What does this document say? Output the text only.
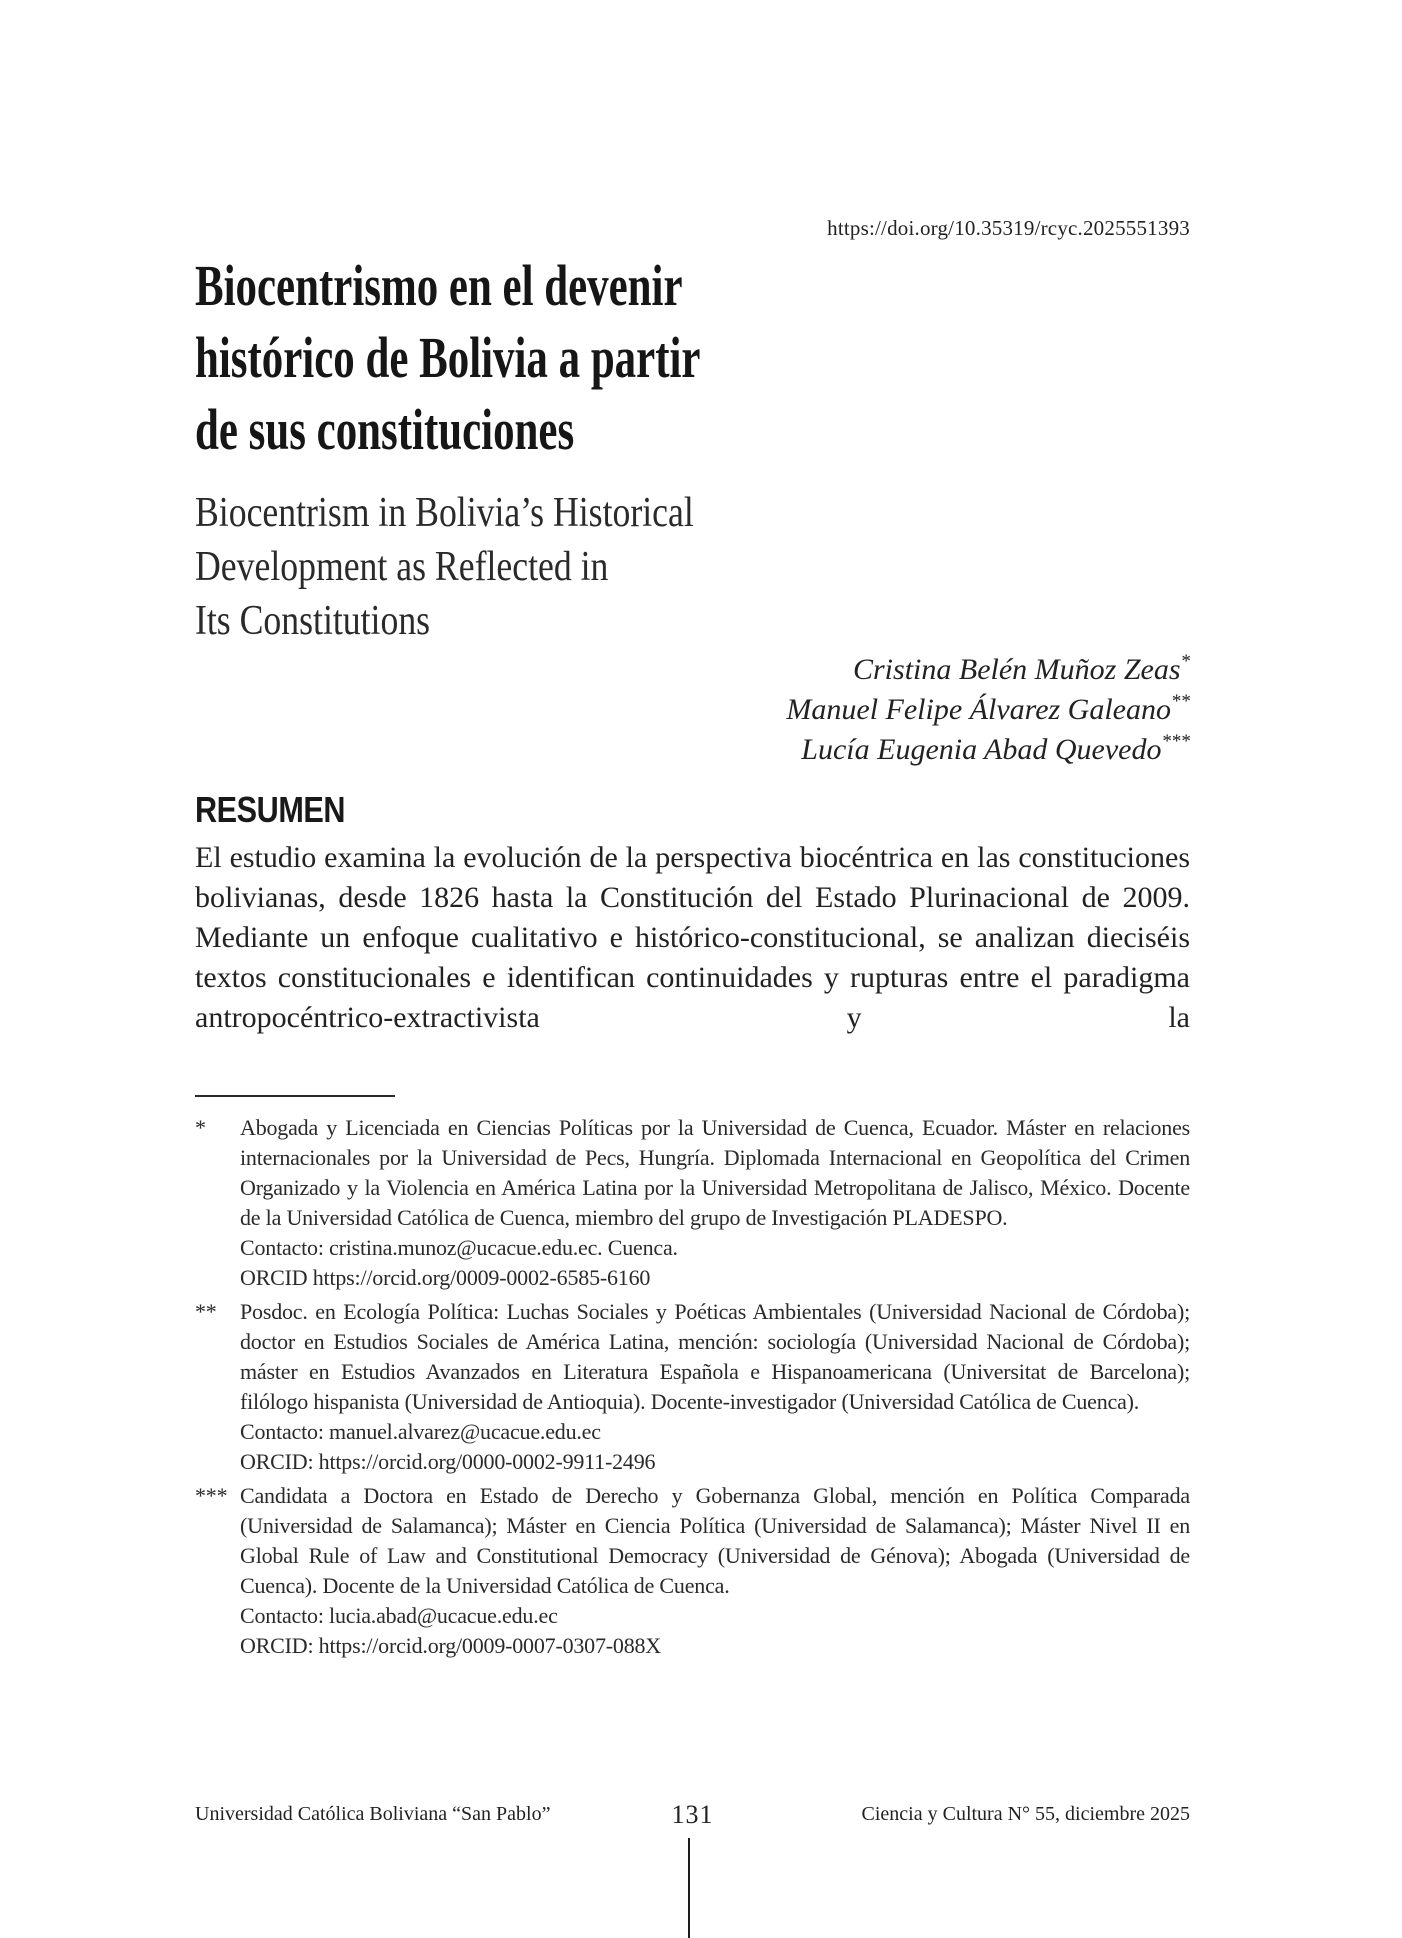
https://doi.org/10.35319/rcyc.2025551393
Biocentrismo en el devenir
histórico de Bolivia a partir
de sus constituciones
Biocentrism in Bolivia’s Historical
Development as Reflected in
Its Constitutions
Cristina Belén Muñoz Zeas*
Manuel Felipe Álvarez Galeano**
Lucía Eugenia Abad Quevedo***
RESUMEN

El estudio examina la evolución de la perspectiva biocéntrica en las constituciones bolivianas, desde 1826 hasta la Constitución del Estado Plurinacional de 2009. Mediante un enfoque cualitativo e histórico-constitucional, se analizan dieciséis textos constitucionales e identifican continuidades y rupturas entre el paradigma antropocéntrico-extractivista y la

*	Abogada y Licenciada en Ciencias Políticas por la Universidad de Cuenca, Ecuador. Máster en relaciones internacionales por la Universidad de Pecs, Hungría. Diplomada Internacional en Geopolítica del Crimen Organizado y la Violencia en América Latina por la Universidad Metropolitana de Jalisco, México. Docente de la Universidad Católica de Cuenca, miembro del grupo de Investigación PLADESPO.

Contacto: cristina.munoz@ucacue.edu.ec. Cuenca.
ORCID https://orcid.org/0009-0002-6585-6160
**	Posdoc. en Ecología Política: Luchas Sociales y Poéticas Ambientales (Universidad Nacional de Córdoba); doctor en Estudios Sociales de América Latina, mención: sociología (Universidad Nacional de Córdoba); máster en Estudios Avanzados en Literatura Española e Hispanoamericana (Universitat de Barcelona); filólogo hispanista (Universidad de Antioquia). Docente-investigador (Universidad Católica de Cuenca).

Contacto: manuel.alvarez@ucacue.edu.ec
ORCID: https://orcid.org/0000-0002-9911-2496
*** Candidata a Doctora en Estado de Derecho y Gobernanza Global, mención en Política Comparada (Universidad de Salamanca); Máster en Ciencia Política (Universidad de Salamanca); Máster Nivel II en Global Rule of Law and Constitutional Democracy (Universidad de Génova); Abogada (Universidad de Cuenca). Docente de la Universidad Católica de Cuenca.

Contacto: lucia.abad@ucacue.edu.ec
ORCID: https://orcid.org/0009-0007-0307-088X
Universidad Católica Boliviana “San Pablo”	131	Ciencia y Cultura N° 55, diciembre 2025
